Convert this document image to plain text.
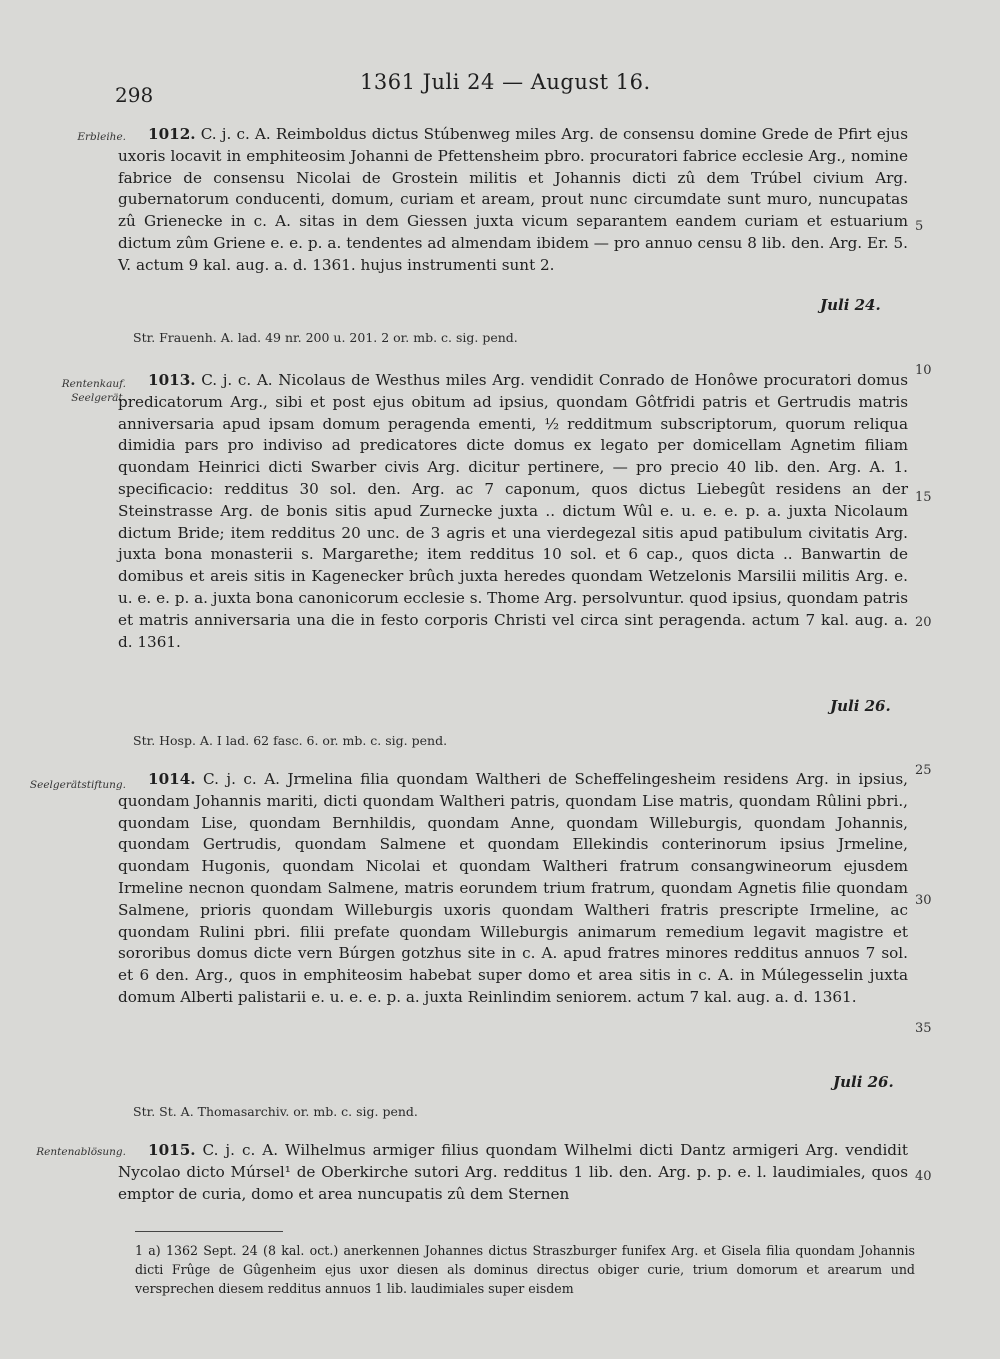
298
1361 Juli 24 — August 16.
Erbleihe.	1012. C. j. c. A. Reimboldus dictus Stúbenweg miles Arg. de consensu domine Grede de Pfirt ejus uxoris locavit in emphiteosim Johanni de Pfettensheim pbro. procuratori fabrice ecclesie Arg., nomine fabrice de consensu Nicolai de Grostein militis et Johannis dicti zû dem Trúbel civium Arg. gubernatorum conducenti, domum, curiam et aream, prout nunc circumdate sunt muro, nuncupatas zû Grienecke in c. A. sitas in dem Giessen juxta vicum separantem eandem curiam et estuarium dictum zûm Griene e. e. p. a. tendentes ad almendam ibidem — pro annuo censu 8 lib. den. Arg. Er. 5. V. actum 9 kal. aug. a. d. 1361. hujus instrumenti sunt 2.

Juli 24.
Str. Frauenh. A. lad. 49 nr. 200 u. 201. 2 or. mb. c. sig. pend.
Rentenkauf. Seelgerät.

1013. C. j. c. A. Nicolaus de Westhus miles Arg. vendidit Conrado de Honôwe procuratori domus predicatorum Arg., sibi et post ejus obitum ad ipsius, quondam Gôtfridi patris et Gertrudis matris anniversaria apud ipsam domum peragenda ementi, ½ redditmum subscriptorum, quorum reliqua dimidia pars pro indiviso ad predicatores dicte domus ex legato per domicellam Agnetim filiam quondam Heinrici dicti Swarber civis Arg. dicitur pertinere, — pro precio 40 lib. den. Arg. A. 1. specificacio: redditus 30 sol. den. Arg. ac 7 caponum, quos dictus Liebegût residens an der Steinstrasse Arg. de bonis sitis apud Zurnecke juxta .. dictum Wûl e. u. e. e. p. a. juxta Nicolaum dictum Bride; item redditus 20 unc. de 3 agris et una vierdegezal sitis apud patibulum civitatis Arg. juxta bona monasterii s. Margarethe; item redditus 10 sol. et 6 cap., quos dicta .. Banwartin de domibus et areis sitis in Kagenecker brûch juxta heredes quondam Wetzelonis Marsilii militis Arg. e. u. e. e. p. a. juxta bona canonicorum ecclesie s. Thome Arg. persolvuntur. quod ipsius, quondam patris et matris anniversaria una die in festo corporis Christi vel circa sint peragenda. actum 7 kal. aug. a. d. 1361.

Juli 26.
Str. Hosp. A. I lad. 62 fasc. 6. or. mb. c. sig. pend.
Seelgerätstiftung.	1014. C. j. c. A. Jrmelina filia quondam Waltheri de Scheffelingesheim residens Arg. in ipsius, quondam Johannis mariti, dicti quondam Waltheri patris, quondam Lise matris, quondam Rûlini pbri., quondam Lise, quondam Bernhildis, quondam Anne, quondam Willeburgis, quondam Johannis, quondam Gertrudis, quondam Salmene et quondam Ellekindis conterinorum ipsius Jrmeline, quondam Hugonis, quondam Nicolai et quondam Waltheri fratrum consangwineorum ejusdem Irmeline necnon quondam Salmene, matris eorundem trium fratrum, quondam Agnetis filie quondam Salmene, prioris quondam Willeburgis uxoris quondam Waltheri fratris prescripte Irmeline, ac quondam Rulini pbri. filii prefate quondam Willeburgis animarum remedium legavit magistre et sororibus domus dicte vern Búrgen gotzhus site in c. A. apud fratres minores redditus annuos 7 sol. et 6 den. Arg., quos in emphiteosim habebat super domo et area sitis in c. A. in Múlegesselin juxta domum Alberti palistarii e. u. e. e. p. a. juxta Reinlindim seniorem. actum 7 kal. aug. a. d. 1361.

Juli 26.
Str. St. A. Thomasarchiv. or. mb. c. sig. pend.
Rentenablösung.	1015. C. j. c. A. Wilhelmus armiger filius quondam Wilhelmi dicti Dantz armigeri Arg. vendidit Nycolao dicto Múrsel¹ de Oberkirche sutori Arg. redditus 1 lib. den. Arg. p. p. e. l. laudimiales, quos emptor de curia, domo et area nuncupatis zû dem Sternen

5
10
15
20
25
30
35
40
1 a) 1362 Sept. 24 (8 kal. oct.) anerkennen Johannes dictus Straszburger funifex Arg. et Gisela filia quondam Johannis dicti Frûge de Gûgenheim ejus uxor diesen als dominus directus obiger curie, trium domorum et arearum und versprechen diesem redditus annuos 1 lib. laudimiales super eisdem
